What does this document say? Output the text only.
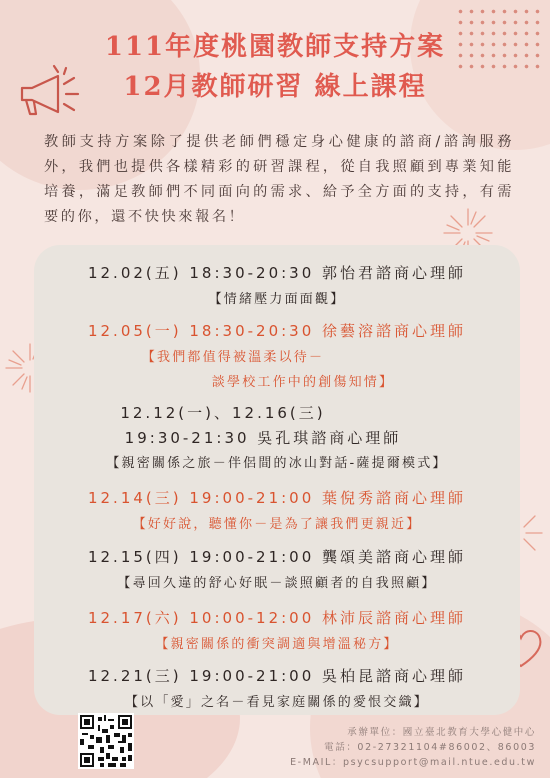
111年度桃園教師支持方案
12月教師研習 線上課程
教師支持方案除了提供老師們穩定身心健康的諮商/諮詢服務外，我們也提供各樣精彩的研習課程，從自我照顧到專業知能培養，滿足教師們不同面向的需求、給予全方面的支持，有需要的你，還不快快來報名！
12.02(五) 18:30-20:30 郭怡君諮商心理師
【情緒壓力面面觀】
12.05(一) 18:30-20:30 徐藝溶諮商心理師
【我們都值得被溫柔以待－
談學校工作中的創傷知情】
12.12(一)、12.16(三)
19:30-21:30 吳孔琪諮商心理師
【親密關係之旅－伴侶間的冰山對話-薩提爾模式】
12.14(三) 19:00-21:00 葉倪秀諮商心理師
【好好說，聽懂你－是為了讓我們更親近】
12.15(四) 19:00-21:00 龔頌美諮商心理師
【尋回久違的舒心好眠－談照顧者的自我照顧】
12.17(六) 10:00-12:00 林沛辰諮商心理師
【親密關係的衝突調適與增溫秘方】
12.21(三) 19:00-21:00 吳柏昆諮商心理師
【以「愛」之名－看見家庭關係的愛恨交織】
承辦單位：國立臺北教育大學心健中心
電話：02-27321104#86002、86003
E-MAIL：psycsupport@mail.ntue.edu.tw
